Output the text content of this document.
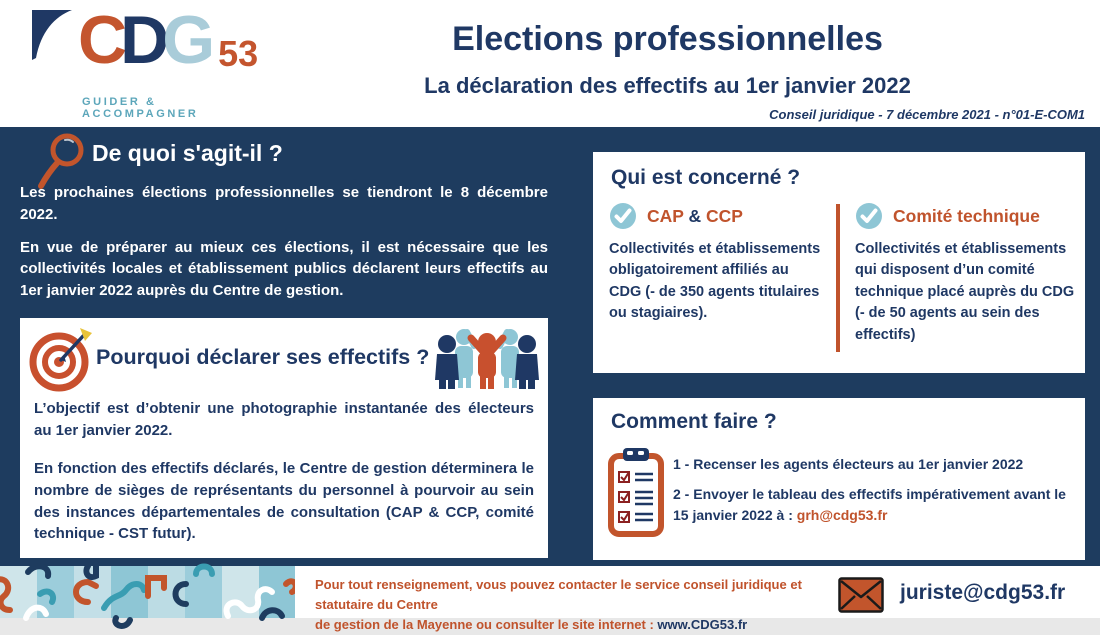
C D G 53
GUIDER & ACCOMPAGNER
Elections professionnelles
La déclaration des effectifs au 1er janvier 2022
Conseil juridique - 7 décembre 2021 - n°01-E-COM1
De quoi s'agit-il ?

Les prochaines élections professionnelles se tiendront le 8 décembre 2022.

En vue de préparer au mieux ces élections, il est nécessaire que les collectivités locales et établissement publics déclarent leurs effectifs au 1er janvier 2022 auprès du Centre de gestion.

Pourquoi déclarer ses effectifs ?
L’objectif est d’obtenir une photographie instantanée des électeurs au 1er janvier 2022.
En fonction des effectifs déclarés, le Centre de gestion déterminera le nombre de sièges de représentants du personnel à pourvoir au sein des instances départementales de consultation (CAP & CCP, comité technique - CST futur).
Qui est concerné ?
CAP & CCP
Collectivités et établissements obligatoirement affiliés au CDG (- de 350 agents titulaires ou stagiaires).
Comité technique
Collectivités et établissements qui disposent d’un comité technique placé auprès du CDG (- de 50 agents au sein des effectifs)
Comment faire ?

1 - Recenser les agents électeurs au 1er janvier 2022

2 - Envoyer le tableau des effectifs impérativement avant le 15 janvier 2022 à : grh@cdg53.fr

Pour tout renseignement, vous pouvez contacter le service conseil juridique et statutaire du Centre
de gestion de la Mayenne ou consulter le site internet : www.CDG53.fr
juriste@cdg53.fr
